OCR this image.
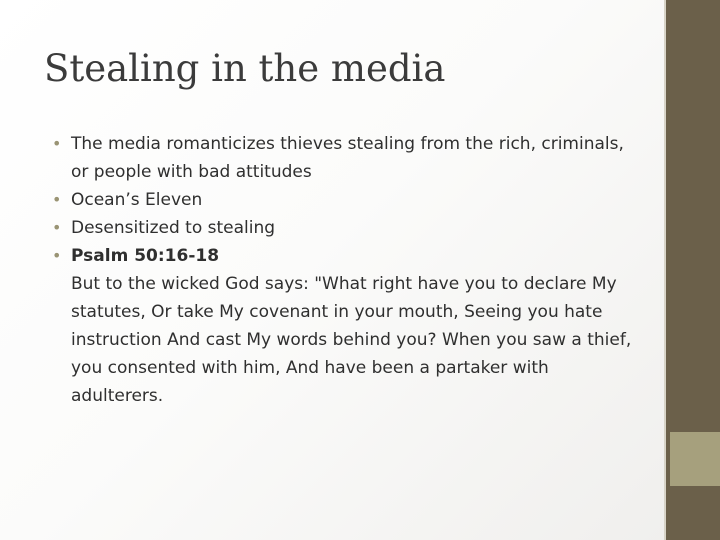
Stealing in the media
• The media romanticizes thieves stealing from the rich, criminals, or people with bad attitudes
• Ocean’s Eleven
• Desensitized to stealing
• Psalm 50:16-18
But to the wicked God says: "What right have you to declare My statutes, Or take My covenant in your mouth, Seeing you hate instruction And cast My words behind you? When you saw a thief, you consented with him, And have been a partaker with adulterers.
